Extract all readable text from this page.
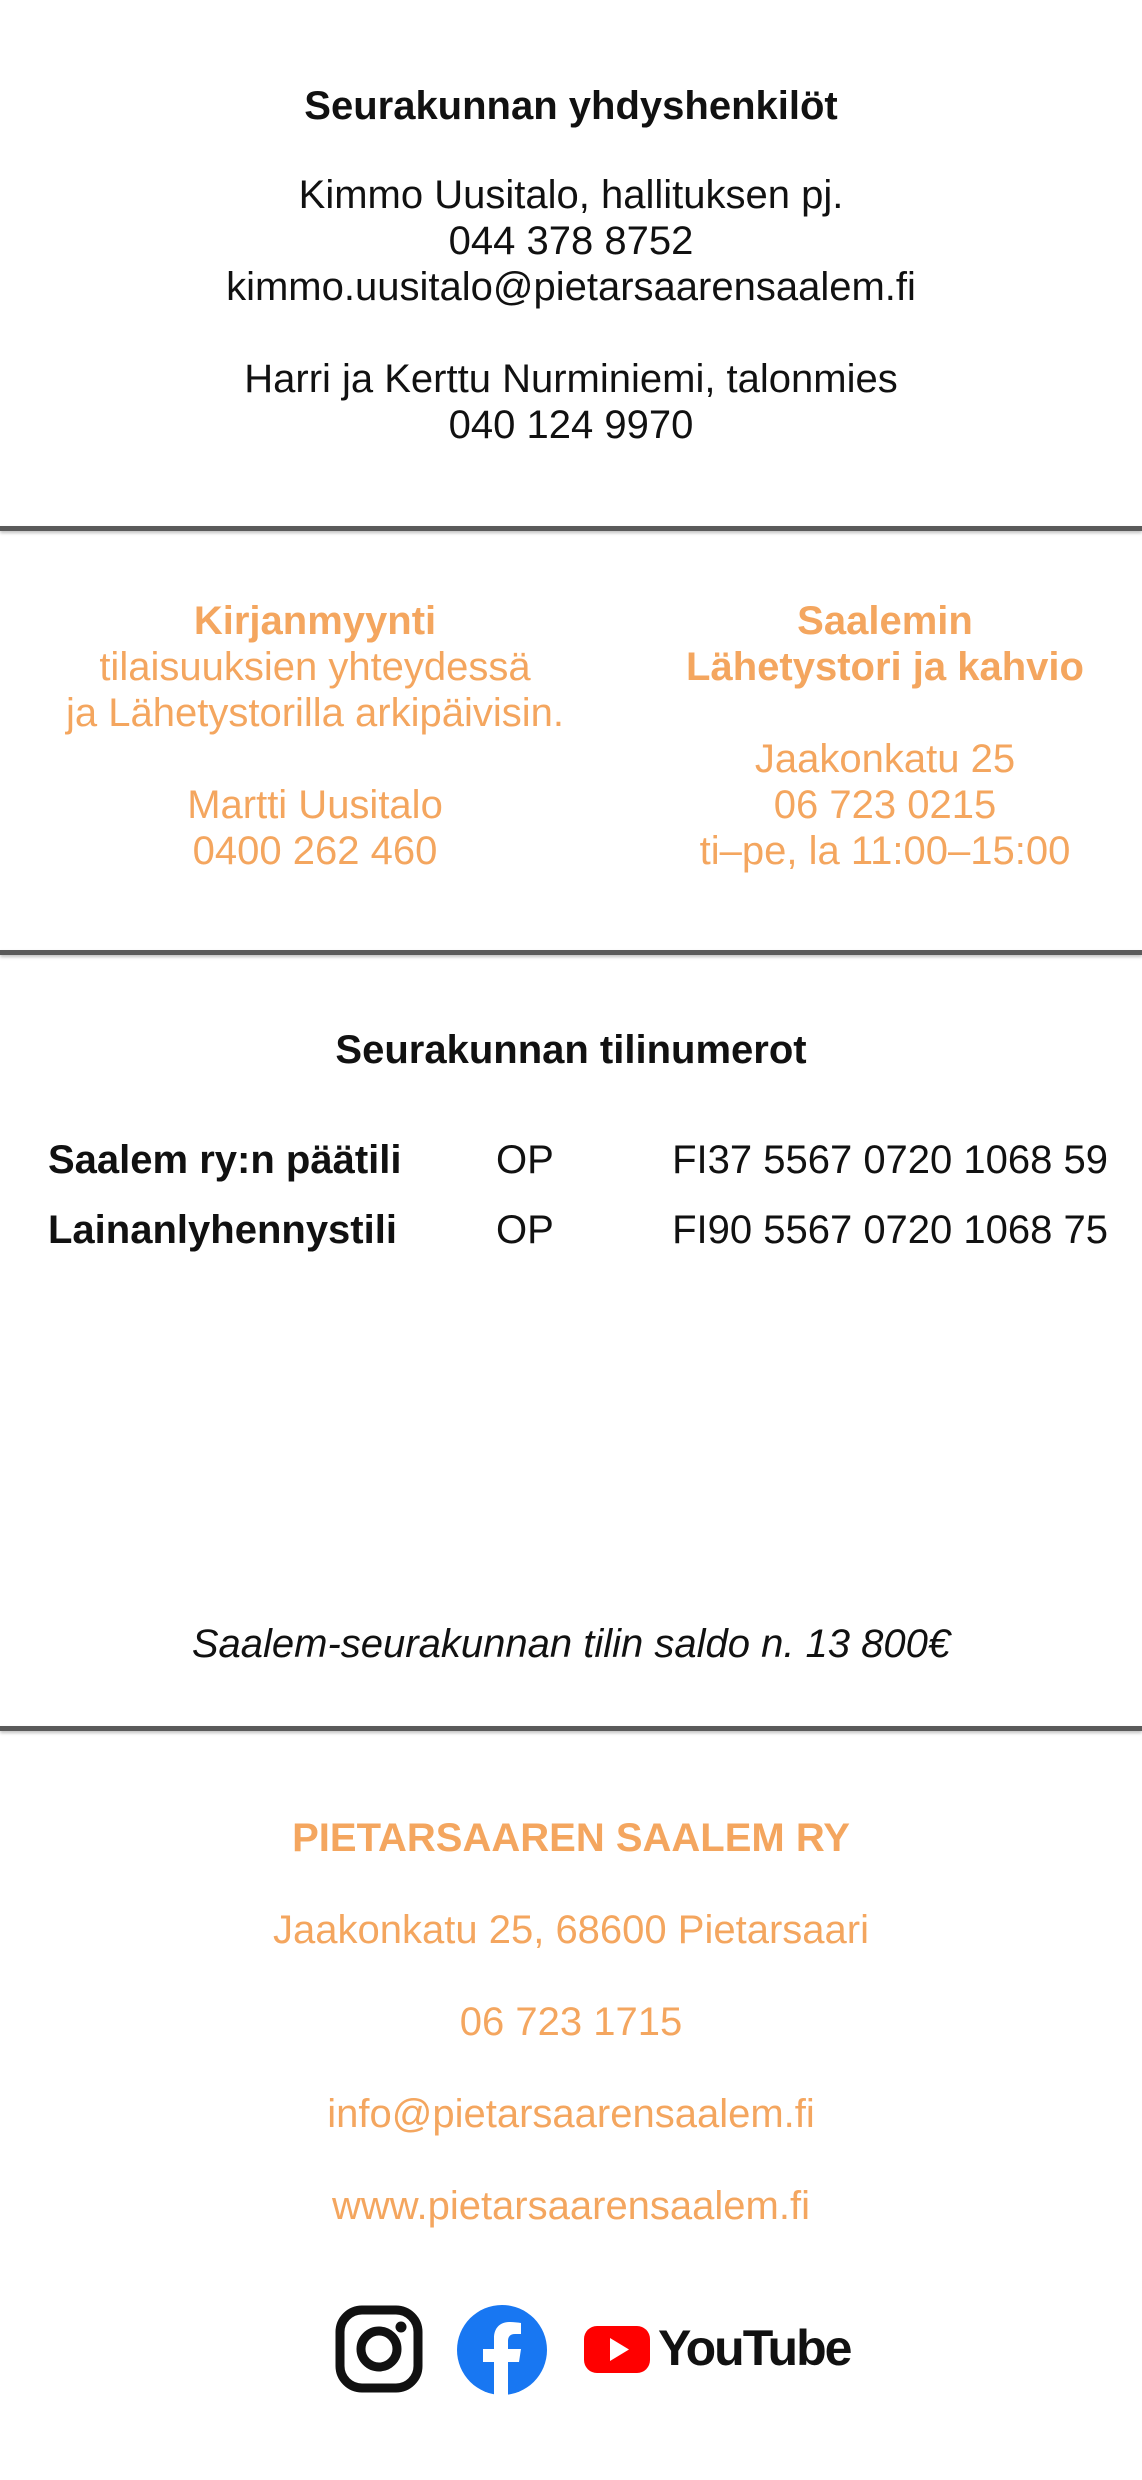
Seurakunnan yhdyshenkilöt
Kimmo Uusitalo, hallituksen pj.
044 378 8752
kimmo.uusitalo@pietarsaarensaalem.fi
Harri ja Kerttu Nurminiemi, talonmies
040 124 9970
Kirjanmyynti
tilaisuuksien yhteydessä
ja Lähetystorilla arkipäivisin.
Martti Uusitalo
0400 262 460
Saalemin
Lähetystori ja kahvio
Jaakonkatu 25
06 723 0215
ti–pe, la 11:00–15:00
Seurakunnan tilinumerot
Saalem ry:n päätili OP	FI37 5567 0720 1068 59
Lainanlyhennystili OP	FI90 5567 0720 1068 75
Saalem-seurakunnan tilin saldo n. 13 800€
PIETARSAAREN SAALEM RY
Jaakonkatu 25, 68600 Pietarsaari
06 723 1715
info@pietarsaarensaalem.fi
www.pietarsaarensaalem.fi
YouTube
